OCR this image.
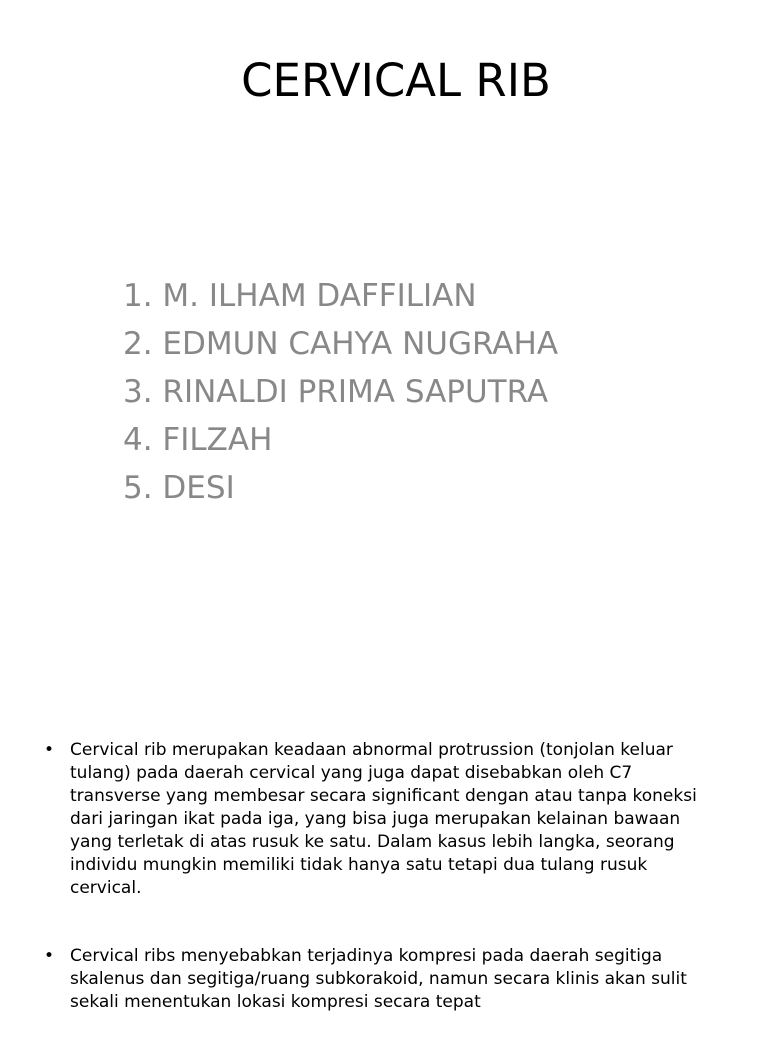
CERVICAL RIB
1. M. ILHAM DAFFILIAN
2. EDMUN CAHYA NUGRAHA
3. RINALDI PRIMA SAPUTRA
4. FILZAH
5. DESI
• Cervical rib merupakan keadaan abnormal protrussion (tonjolan keluar tulang) pada daerah cervical yang juga dapat disebabkan oleh C7 transverse yang membesar secara significant dengan atau tanpa koneksi dari jaringan ikat pada iga, yang bisa juga merupakan kelainan bawaan yang terletak di atas rusuk ke satu. Dalam kasus lebih langka, seorang individu mungkin memiliki tidak hanya satu tetapi dua tulang rusuk cervical.
• Cervical ribs menyebabkan terjadinya kompresi pada daerah segitiga skalenus dan segitiga/ruang subkorakoid, namun secara klinis akan sulit sekali menentukan lokasi kompresi secara tepat
